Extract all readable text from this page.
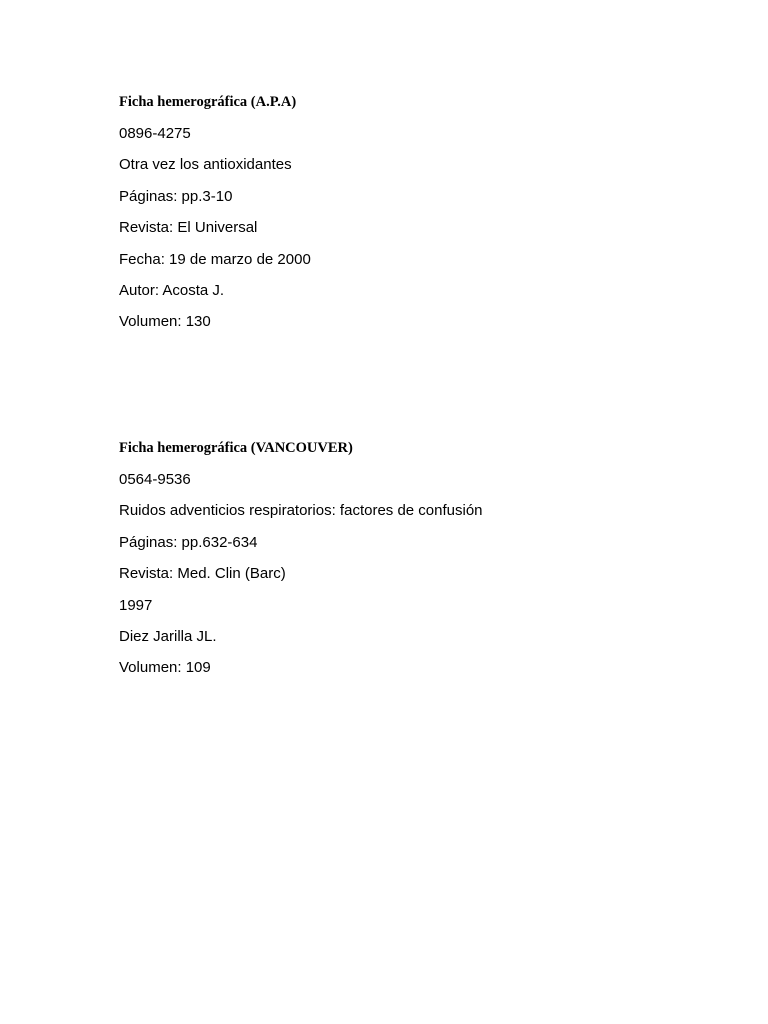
Ficha hemerográfica (A.P.A)

0896-4275

Otra vez los antioxidantes

Páginas: pp.3-10

Revista: El Universal

Fecha: 19 de marzo de 2000

Autor: Acosta J.

Volumen: 130

Ficha hemerográfica (VANCOUVER)

0564-9536

Ruidos adventicios respiratorios: factores de confusión

Páginas: pp.632-634

Revista: Med. Clin (Barc)

1997

Diez Jarilla JL.

Volumen: 109
